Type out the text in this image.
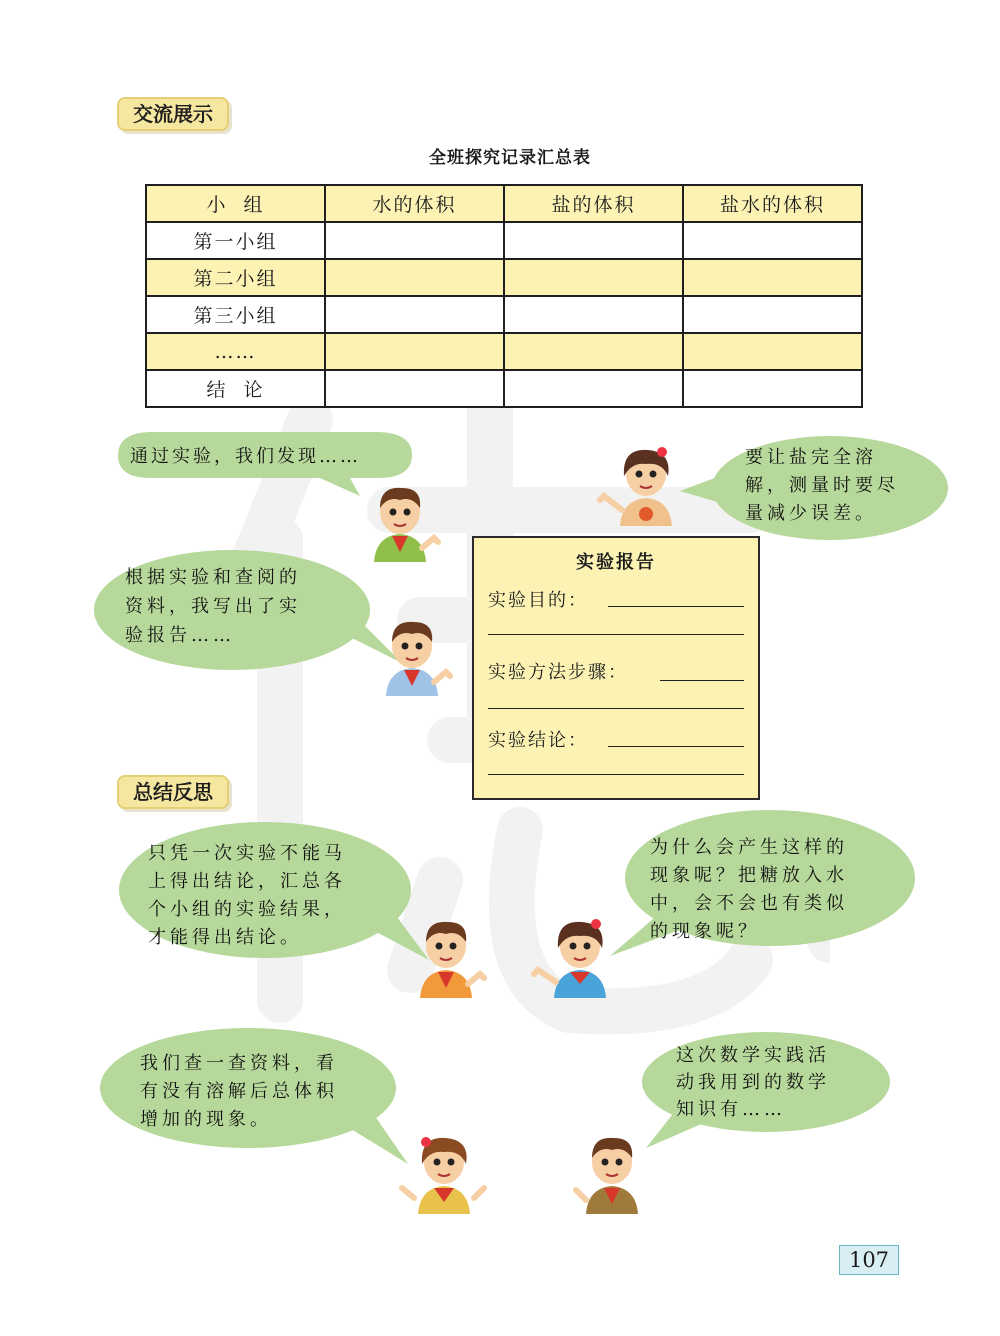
交流展示
全班探究记录汇总表
小  组	水的体积	盐的体积	盐水的体积
第一小组			
第二小组			
第三小组			
……			
结  论			
通过实验，我们发现……	要让盐完全溶
解，测量时要尽
量减少误差。
根据实验和查阅的
资料，我写出了实
验报告……
实验报告
实验目的：
实验方法步骤：
实验结论：
总结反思
只凭一次实验不能马
上得出结论，汇总各
个小组的实验结果，
才能得出结论。
为什么会产生这样的
现象呢？把糖放入水
中，会不会也有类似
的现象呢？
我们查一查资料，看
有没有溶解后总体积
增加的现象。
这次数学实践活
动我用到的数学
知识有……
107
